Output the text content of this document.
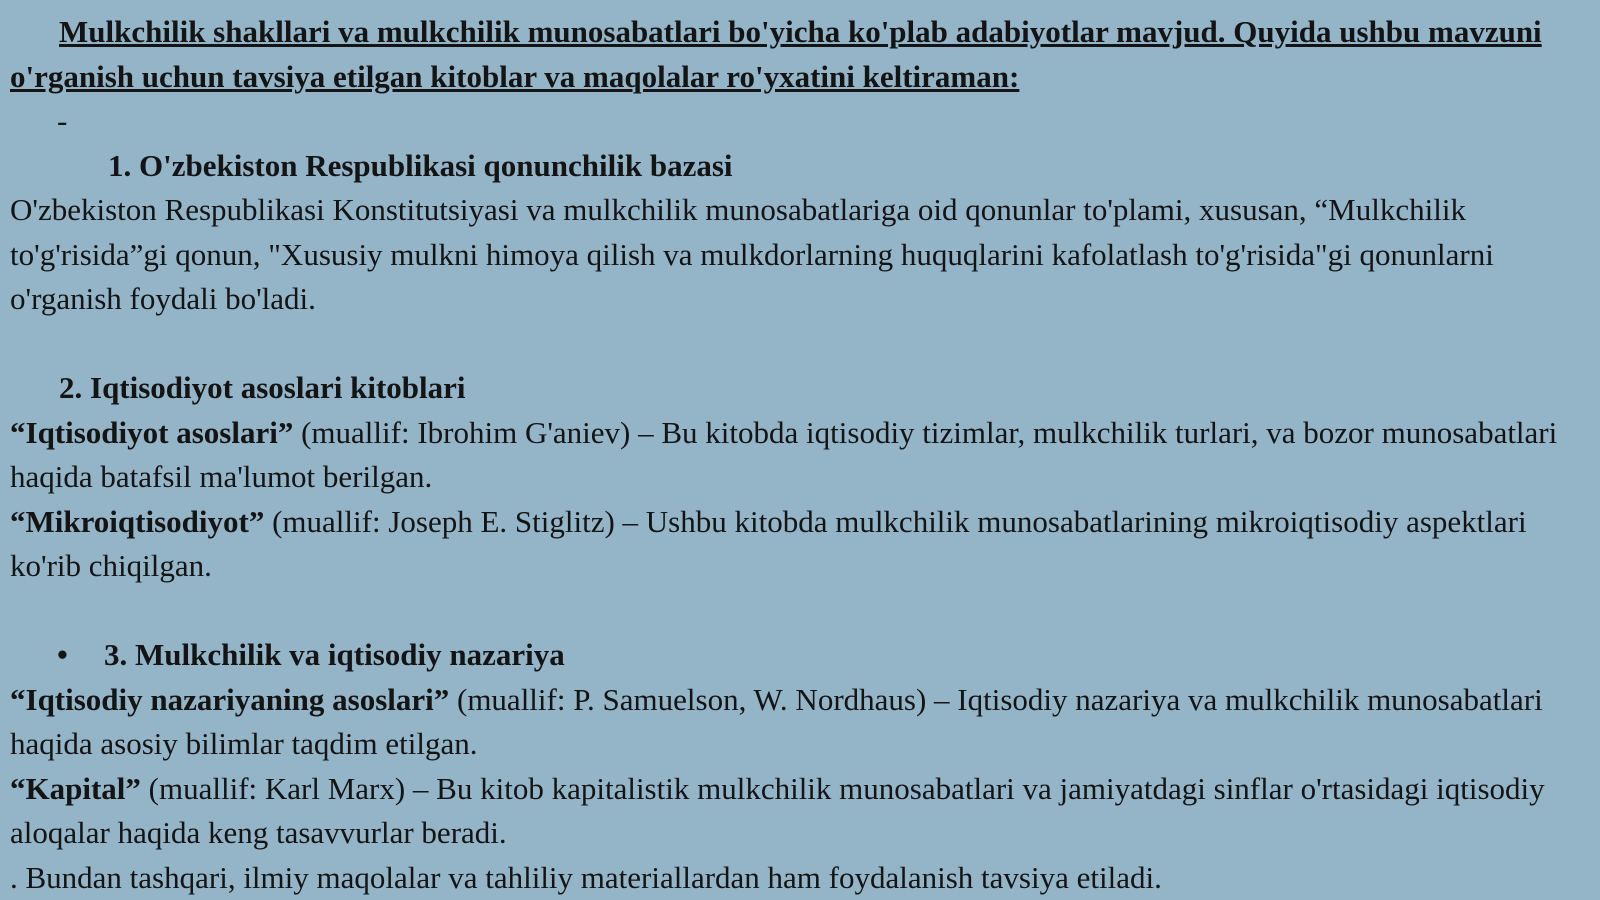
Mulkchilik shakllari va mulkchilik munosabatlari bo'yicha ko'plab adabiyotlar mavjud. Quyida ushbu mavzuni o'rganish uchun tavsiya etilgan kitoblar va maqolalar ro'yxatini keltiraman:

-
1. O'zbekiston Respublikasi qonunchilik bazasi

O'zbekiston Respublikasi Konstitutsiyasi va mulkchilik munosabatlariga oid qonunlar to'plami, xususan, “Mulkchilik to'g'risida”gi qonun, "Xususiy mulkni himoya qilish va mulkdorlarning huquqlarini kafolatlash to'g'risida"gi qonunlarni o'rganish foydali bo'ladi.

2. Iqtisodiyot asoslari kitoblari

“Iqtisodiyot asoslari” (muallif: Ibrohim G'aniev) – Bu kitobda iqtisodiy tizimlar, mulkchilik turlari, va bozor munosabatlari haqida batafsil ma'lumot berilgan.

“Mikroiqtisodiyot” (muallif: Joseph E. Stiglitz) – Ushbu kitobda mulkchilik munosabatlarining mikroiqtisodiy aspektlari ko'rib chiqilgan.

• 3. Mulkchilik va iqtisodiy nazariya

“Iqtisodiy nazariyaning asoslari” (muallif: P. Samuelson, W. Nordhaus) – Iqtisodiy nazariya va mulkchilik munosabatlari haqida asosiy bilimlar taqdim etilgan.

“Kapital” (muallif: Karl Marx) – Bu kitob kapitalistik mulkchilik munosabatlari va jamiyatdagi sinflar o'rtasidagi iqtisodiy aloqalar haqida keng tasavvurlar beradi.

. Bundan tashqari, ilmiy maqolalar va tahliliy materiallardan ham foydalanish tavsiya etiladi.
